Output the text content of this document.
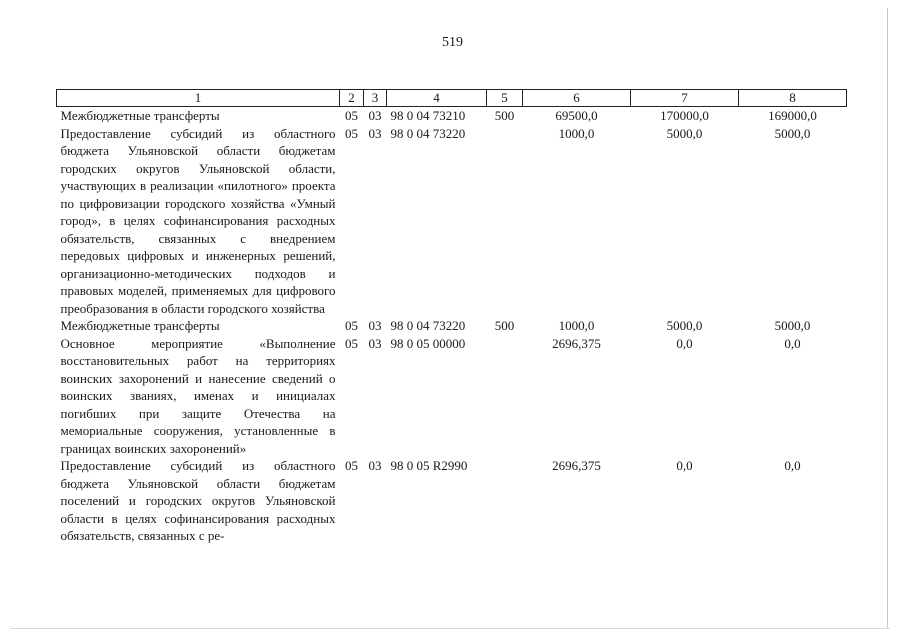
519
1	2	3	4	5	6	7	8
Межбюджетные трансферты	05	03	98 0 04 73210	500	69500,0	170000,0	169000,0
Предоставление субсидий из областного бюджета Ульяновской области бюджетам городских округов Ульяновской области, участвующих в реализации «пилотного» проекта по цифровизации городского хозяйства «Умный город», в целях софинансирования расходных обязательств, связанных с внедрением передовых цифровых и инженерных решений, организационно-методических подходов и правовых моделей, применяемых для цифрового преобразования в области городского хозяйства	05	03	98 0 04 73220		1000,0	5000,0	5000,0
Межбюджетные трансферты	05	03	98 0 04 73220	500	1000,0	5000,0	5000,0
Основное мероприятие «Выполнение восстановительных работ на территориях воинских захоронений и нанесение сведений о воинских званиях, именах и инициалах погибших при защите Отечества на мемориальные сооружения, установленные в границах воинских захоронений»	05	03	98 0 05 00000		2696,375	0,0	0,0
Предоставление субсидий из областного бюджета Ульяновской области бюджетам поселений и городских округов Ульяновской области в целях софинансирования расходных обязательств, связанных с ре-	05	03	98 0 05 R2990		2696,375	0,0	0,0
